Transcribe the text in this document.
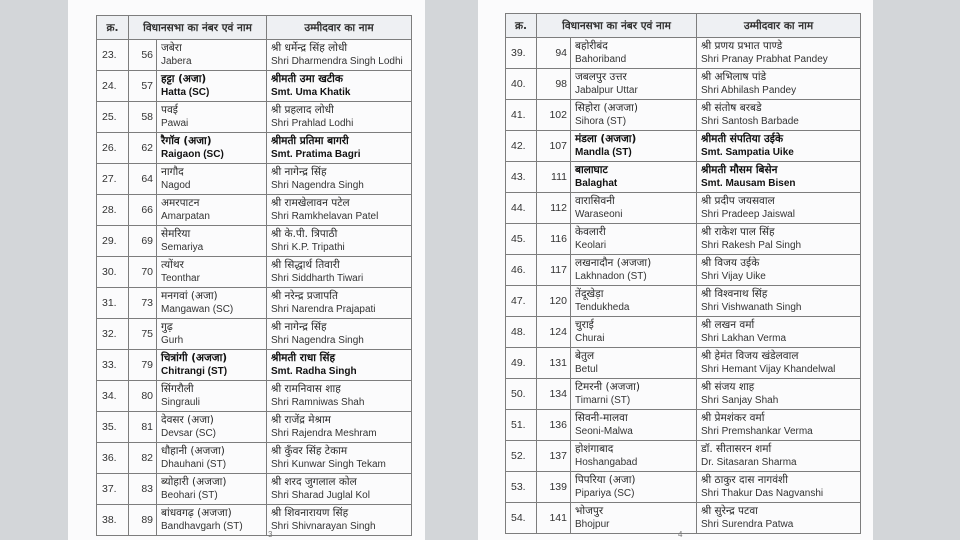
क्र.	विधानसभा का नंबर एवं नाम		उम्मीदवार का नाम
23.	56	जबेरा
Jabera	श्री धर्मेन्द्र सिंह लोधी
Shri Dharmendra Singh Lodhi

24.	57	हट्टा (अजा)
Hatta (SC)	श्रीमती उमा खटीक
Smt. Uma Khatik

25.	58	पवई
Pawai	श्री प्रहलाद लोधी
Shri Prahlad Lodhi

26.	62	रैगॉव (अजा)
Raigaon (SC)	श्रीमती प्रतिमा बागरी
Smt. Pratima Bagri

27.	64	नागौद
Nagod	श्री नागेन्द्र सिंह
Shri Nagendra Singh

28.	66	अमरपाटन
Amarpatan	श्री रामखेलावन पटेल
Shri Ramkhelavan Patel

29.	69	सेमरिया
Semariya	श्री के.पी. त्रिपाठी
Shri K.P. Tripathi

30.	70	त्योंथर
Teonthar	श्री सिद्धार्थ तिवारी
Shri Siddharth Tiwari

31.	73	मनगवां (अजा)
Mangawan (SC)	श्री नरेन्द्र प्रजापति
Shri Narendra Prajapati

32.	75	गुढ़
Gurh	श्री नागेन्द्र सिंह
Shri Nagendra Singh

33.	79	चित्रांगी (अजजा)
Chitrangi (ST)	श्रीमती राधा सिंह
Smt. Radha Singh

34.	80	सिंगरौली
Singrauli	श्री रामनिवास शाह
Shri Ramniwas Shah

35.	81	देवसर (अजा)
Devsar (SC)	श्री राजेंद्र मेश्राम
Shri Rajendra Meshram

36.	82	धौहानी (अजजा)
Dhauhani (ST)	श्री कुँवर सिंह टेकाम
Shri Kunwar Singh Tekam

37.	83	ब्योहारी (अजजा)
Beohari (ST)	श्री शरद जुगलाल कोल
Shri Sharad Juglal Kol

38.	89	बांधवगढ़ (अजजा)
Bandhavgarh (ST)	श्री शिवनारायण सिंह
Shri Shivnarayan Singh
3
क्र.	विधानसभा का नंबर एवं नाम		उम्मीदवार का नाम
39.	94	बहोरीबंद
Bahoriband	श्री प्रणय प्रभात पाण्डे
Shri Pranay Prabhat Pandey

40.	98	जबलपुर उत्तर
Jabalpur Uttar	श्री अभिलाष पांडे
Shri Abhilash Pandey

41.	102	सिहोरा (अजजा)
Sihora (ST)	श्री संतोष बरबडे
Shri Santosh Barbade

42.	107	मंडला (अजजा)
Mandla (ST)	श्रीमती संपतिया उईके
Smt. Sampatia Uike

43.	111	बालाघाट
Balaghat	श्रीमती मौसम बिसेन
Smt. Mausam Bisen

44.	112	वारासिवनी
Waraseoni	श्री प्रदीप जयसवाल
Shri Pradeep Jaiswal

45.	116	केवलारी
Keolari	श्री राकेश पाल सिंह
Shri Rakesh Pal Singh

46.	117	लखनादौन (अजजा)
Lakhnadon (ST)	श्री विजय उईके
Shri Vijay Uike

47.	120	तेंदूखेड़ा
Tendukheda	श्री विश्वनाथ सिंह
Shri Vishwanath Singh

48.	124	चुराई
Churai	श्री लखन वर्मा
Shri Lakhan Verma

49.	131	बेतुल
Betul	श्री हेमंत विजय खंडेलवाल
Shri Hemant Vijay Khandelwal

50.	134	टिमरनी (अजजा)
Timarni (ST)	श्री संजय शाह
Shri Sanjay Shah

51.	136	सिवनी-मालवा
Seoni-Malwa	श्री प्रेमशंकर वर्मा
Shri Premshankar Verma

52.	137	होशंगाबाद
Hoshangabad	डॉ. सीतासरन शर्मा
Dr. Sitasaran Sharma

53.	139	पिपरिया (अजा)
Pipariya (SC)	श्री ठाकुर दास नागवंशी
Shri Thakur Das Nagvanshi

54.	141	भोजपुर
Bhojpur	श्री सुरेन्द्र पटवा
Shri Surendra Patwa
4
